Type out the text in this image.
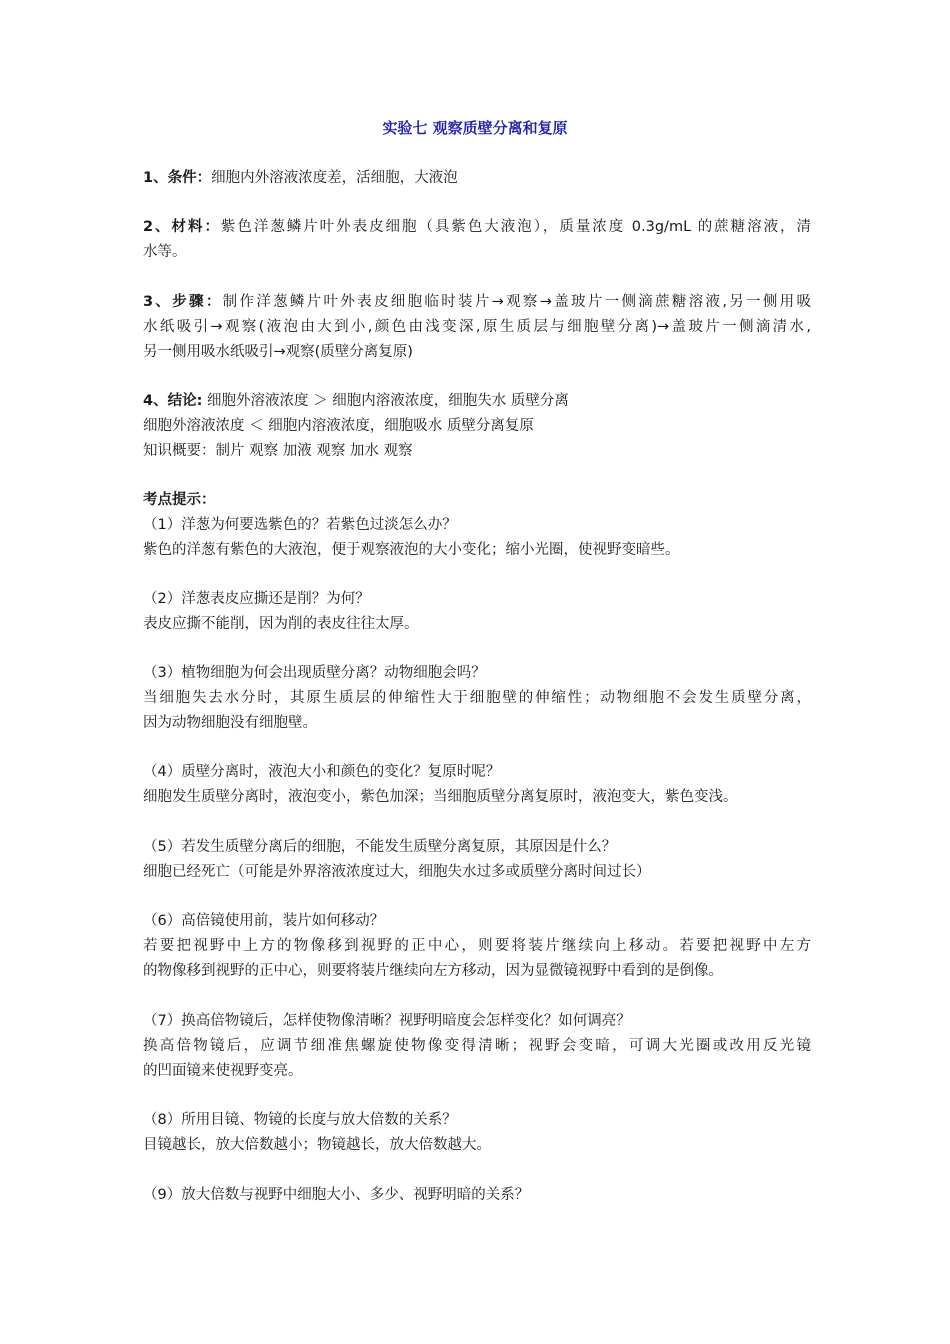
实验七 观察质壁分离和复原
1、条件：细胞内外溶液浓度差，活细胞，大液泡
2、材料：紫色洋葱鳞片叶外表皮细胞（具紫色大液泡），质量浓度 0.3g/mL 的蔗糖溶液，清
水等。
3、步骤：制作洋葱鳞片叶外表皮细胞临时装片→观察→盖玻片一侧滴蔗糖溶液,另一侧用吸
水纸吸引→观察(液泡由大到小,颜色由浅变深,原生质层与细胞壁分离)→盖玻片一侧滴清水,
另一侧用吸水纸吸引→观察(质壁分离复原)
4、结论: 细胞外溶液浓度 ＞ 细胞内溶液浓度，细胞失水 质壁分离
细胞外溶液浓度 ＜ 细胞内溶液浓度，细胞吸水 质壁分离复原
知识概要：制片 观察 加液 观察 加水 观察
考点提示：
（1）洋葱为何要选紫色的？若紫色过淡怎么办？
紫色的洋葱有紫色的大液泡，便于观察液泡的大小变化；缩小光圈，使视野变暗些。
（2）洋葱表皮应撕还是削？为何？
表皮应撕不能削，因为削的表皮往往太厚。
（3）植物细胞为何会出现质壁分离？动物细胞会吗？
当细胞失去水分时，其原生质层的伸缩性大于细胞壁的伸缩性；动物细胞不会发生质壁分离，
因为动物细胞没有细胞壁。
（4）质壁分离时，液泡大小和颜色的变化？复原时呢？
细胞发生质壁分离时，液泡变小，紫色加深；当细胞质壁分离复原时，液泡变大，紫色变浅。
（5）若发生质壁分离后的细胞，不能发生质壁分离复原，其原因是什么？
细胞已经死亡（可能是外界溶液浓度过大，细胞失水过多或质壁分离时间过长）
（6）高倍镜使用前，装片如何移动？
若要把视野中上方的物像移到视野的正中心，则要将装片继续向上移动。若要把视野中左方
的物像移到视野的正中心，则要将装片继续向左方移动，因为显微镜视野中看到的是倒像。
（7）换高倍物镜后，怎样使物像清晰？视野明暗度会怎样变化？如何调亮？
换高倍物镜后，应调节细准焦螺旋使物像变得清晰；视野会变暗，可调大光圈或改用反光镜
的凹面镜来使视野变亮。
（8）所用目镜、物镜的长度与放大倍数的关系？
目镜越长，放大倍数越小；物镜越长，放大倍数越大。
（9）放大倍数与视野中细胞大小、多少、视野明暗的关系？
